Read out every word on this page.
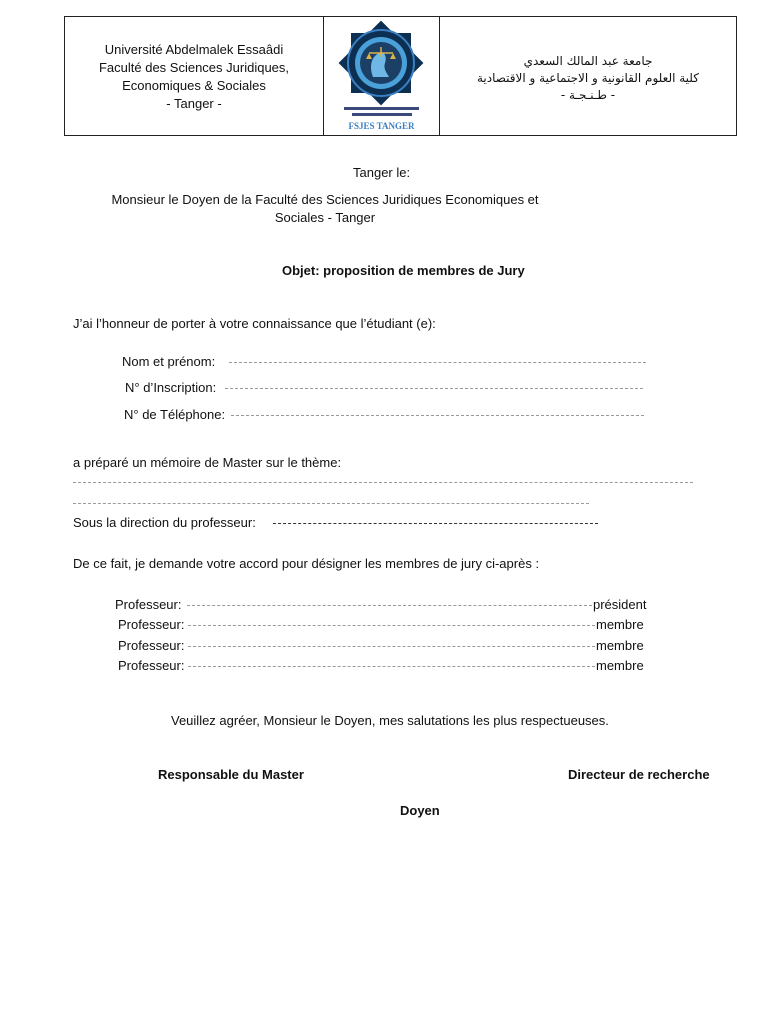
Université Abdelmalek Essaâdi
Faculté des Sciences Juridiques,
Economiques & Sociales
- Tanger -
FSJES TANGER
جامعة عبد المالك السعدي
كلية العلوم القانونية و الاجتماعية و الاقتصادية
- طـنـجـة -
Tanger le:
Monsieur le Doyen de la Faculté des Sciences Juridiques Economiques et
Sociales - Tanger
Objet: proposition de membres de Jury
J’ai l’honneur de porter à votre connaissance que l’étudiant (e):
Nom et prénom:
N° d’Inscription:
N° de Téléphone:
a préparé un mémoire de Master sur le thème:
Sous la direction du professeur:
De ce fait, je demande votre accord pour désigner les membres de jury ci-après :
Professeur:	président
Professeur:	membre
Professeur:	membre
Professeur:	membre
Veuillez agréer, Monsieur le Doyen, mes salutations les plus respectueuses.
Responsable du Master	Directeur de recherche
Doyen
